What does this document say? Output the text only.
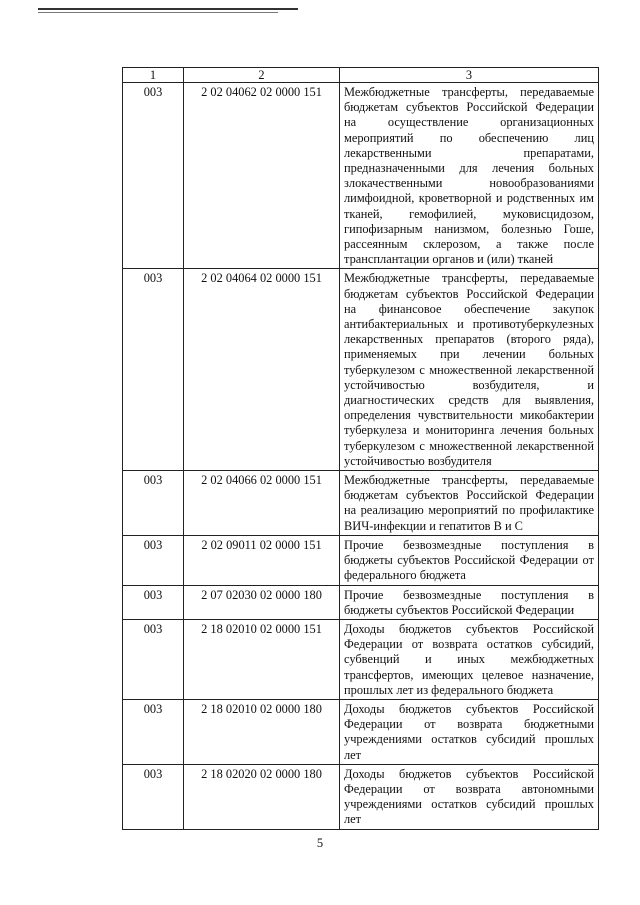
1	2	3
003	2 02 04062 02 0000 151	Межбюджетные трансферты, передаваемые бюджетам субъектов Российской Федерации на осуществление организационных мероприятий по обеспечению лиц лекарственными препаратами, предназначенными для лечения больных злокачественными новообразованиями лимфоидной, кроветворной и родственных им тканей, гемофилией, муковисцидозом, гипофизарным нанизмом, болезнью Гоше, рассеянным склерозом, а также после трансплантации органов и (или) тканей
003	2 02 04064 02 0000 151	Межбюджетные трансферты, передаваемые бюджетам субъектов Российской Федерации на финансовое обеспечение закупок антибактериальных и противотуберкулезных лекарственных препаратов (второго ряда), применяемых при лечении больных туберкулезом с множественной лекарственной устойчивостью возбудителя, и диагностических средств для выявления, определения чувствительности микобактерии туберкулеза и мониторинга лечения больных туберкулезом с множественной лекарственной устойчивостью возбудителя
003	2 02 04066 02 0000 151	Межбюджетные трансферты, передаваемые бюджетам субъектов Российской Федерации на реализацию мероприятий по профилактике ВИЧ-инфекции и гепатитов В и С
003	2 02 09011 02 0000 151	Прочие безвозмездные поступления в бюджеты субъектов Российской Федерации от федерального бюджета
003	2 07 02030 02 0000 180	Прочие безвозмездные поступления в бюджеты субъектов Российской Федерации
003	2 18 02010 02 0000 151	Доходы бюджетов субъектов Российской Федерации от возврата остатков субсидий, субвенций и иных межбюджетных трансфертов, имеющих целевое назначение, прошлых лет из федерального бюджета
003	2 18 02010 02 0000 180	Доходы бюджетов субъектов Российской Федерации от возврата бюджетными учреждениями остатков субсидий прошлых лет
003	2 18 02020 02 0000 180	Доходы бюджетов субъектов Российской Федерации от возврата автономными учреждениями остатков субсидий прошлых лет
5
